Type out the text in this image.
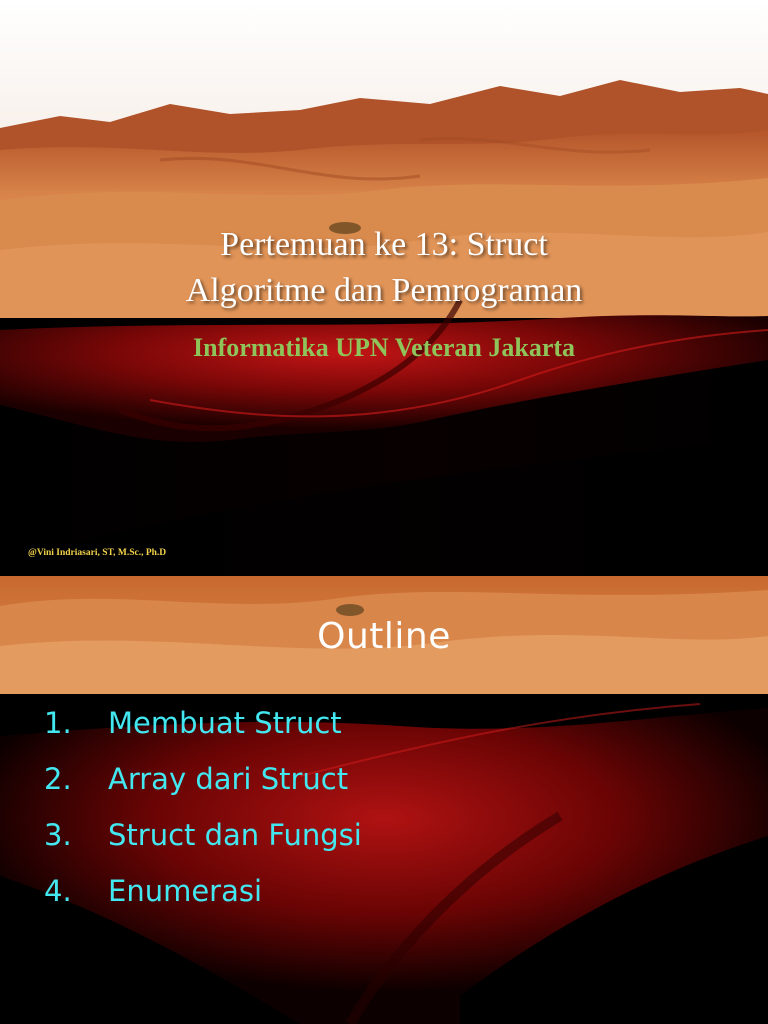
Pertemuan ke 13: Struct
Algoritme dan Pemrograman
Informatika UPN Veteran Jakarta
@Vini Indriasari, ST, M.Sc., Ph.D
Outline
1. Membuat Struct
2. Array dari Struct
3. Struct dan Fungsi
4. Enumerasi
